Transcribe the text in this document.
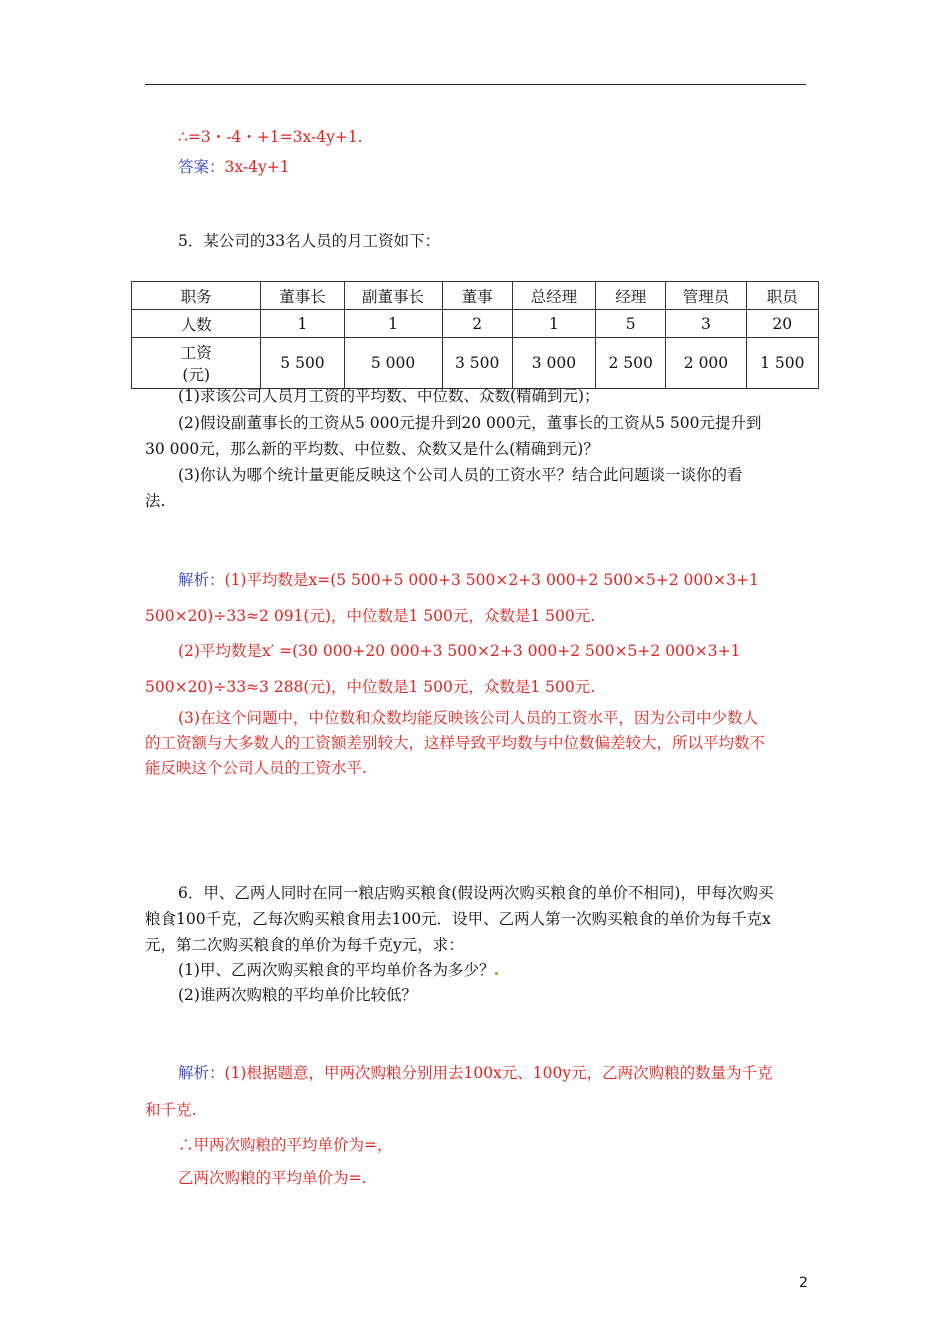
∴=3・-4・+1=3x-4y+1.
答案：3x-4y+1
5．某公司的33名人员的月工资如下：
职务	董事长	副董事长	董事	总经理	经理	管理员	职员
人数	1	1	2	1	5	3	20

工资
(元)	5 500	5 000	3 500	3 000	2 500	2 000	1 500
(1)求该公司人员月工资的平均数、中位数、众数(精确到元)；
(2)假设副董事长的工资从5 000元提升到20 000元，董事长的工资从5 500元提升到
30 000元，那么新的平均数、中位数、众数又是什么(精确到元)？
(3)你认为哪个统计量更能反映这个公司人员的工资水平？结合此问题谈一谈你的看
法.
解析：(1)平均数是x=(5 500+5 000+3 500×2+3 000+2 500×5+2 000×3+1
500×20)÷33≈2 091(元)，中位数是1 500元，众数是1 500元.
(2)平均数是x′ =(30 000+20 000+3 500×2+3 000+2 500×5+2 000×3+1
500×20)÷33≈3 288(元)，中位数是1 500元，众数是1 500元.
(3)在这个问题中，中位数和众数均能反映该公司人员的工资水平，因为公司中少数人
的工资额与大多数人的工资额差别较大，这样导致平均数与中位数偏差较大，所以平均数不
能反映这个公司人员的工资水平.
6．甲、乙两人同时在同一粮店购买粮食(假设两次购买粮食的单价不相同)，甲每次购买
粮食100千克，乙每次购买粮食用去100元．设甲、乙两人第一次购买粮食的单价为每千克x
元，第二次购买粮食的单价为每千克y元，求：
(1)甲、乙两次购买粮食的平均单价各为多少？
(2)谁两次购粮的平均单价比较低？
解析：(1)根据题意，甲两次购粮分别用去100x元、100y元，乙两次购粮的数量为千克
和千克.
∴甲两次购粮的平均单价为=，
乙两次购粮的平均单价为=.
2
